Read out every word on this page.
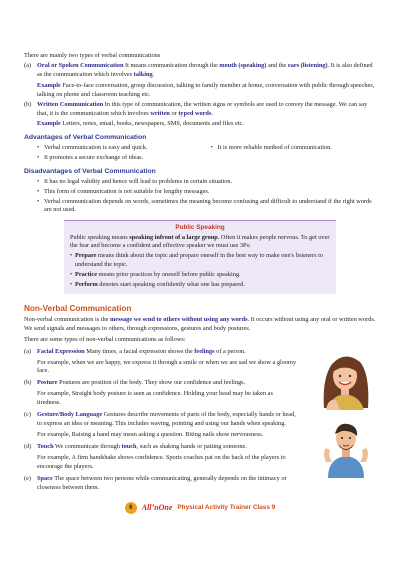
There are mainly two types of verbal communications

(a) Oral or Spoken Communication It means communication through the mouth (speaking) and the ears (listening). It is also defined as the communication which involves talking.

Example Face-to-face conversation, group discussion, talking to family member at home, conversation with public through speeches, talking on phone and classroom teaching etc.

(b) Written Communication In this type of communication, the written signs or symbols are used to convey the message. We can say that, it is the communication which involves written or typed words.

Example Letters, notes, email, books, newspapers, SMS, documents and files etc.

Advantages of Verbal Communication
• Verbal communication is easy and quick.
• It promotes a secure exchange of ideas.
• It is more reliable method of communication.
Disadvantages of Verbal Communication
• It has no legal validity and hence will lead to problems in certain situation.
• This form of communication is not suitable for lengthy messages.
• Verbal communication depends on words, sometimes the meaning become confusing and difficult to understand if the right words are not used.
Public Speaking

Public speaking means speaking infront of a large group. Often it makes people nervous. To get over the fear and become a confident and effective speaker we must use 3Ps:

• Prepare means think about the topic and prepare oneself in the best way to make one's listeners to understand the topic.
• Practice means prior practices by oneself before public speaking.
• Perform denotes start speaking confidently what one has prepared.
Non-Verbal Communication

Non-verbal communication is the message we send to others without using any words. It occurs without using any oral or written words. We send signals and messages to others, through expressions, gestures and body postures.

There are some types of non-verbal communications as follows:

(a) Facial Expression Many times, a facial expression shows the feelings of a person.

For example, when we are happy, we express it through a smile or when we are sad we show a gloomy face.

(b) Posture Postures are position of the body. They show our confidence and feelings.

For example, Straight body posture is seen as confidence. Holding your head may be taken as tiredness.

(c) Gesture/Body Language Gestures describe movements of parts of the body, especially hands or head, to express an idea or meaning. This includes waving, pointing and using our hands when speaking.

For example, Raising a hand may mean asking a question. Biting nails show nervousness.

(d) Touch We communicate through touch, such as shaking hands or patting someone.

For example, A firm handshake shows confidence. Sports coaches pat on the back of the players to encourage the players.

(e) Space The space between two persons while communicating, generally depends on the intimacy or closeness between them.

6	All’nOne Physical Activity Trainer Class 9
